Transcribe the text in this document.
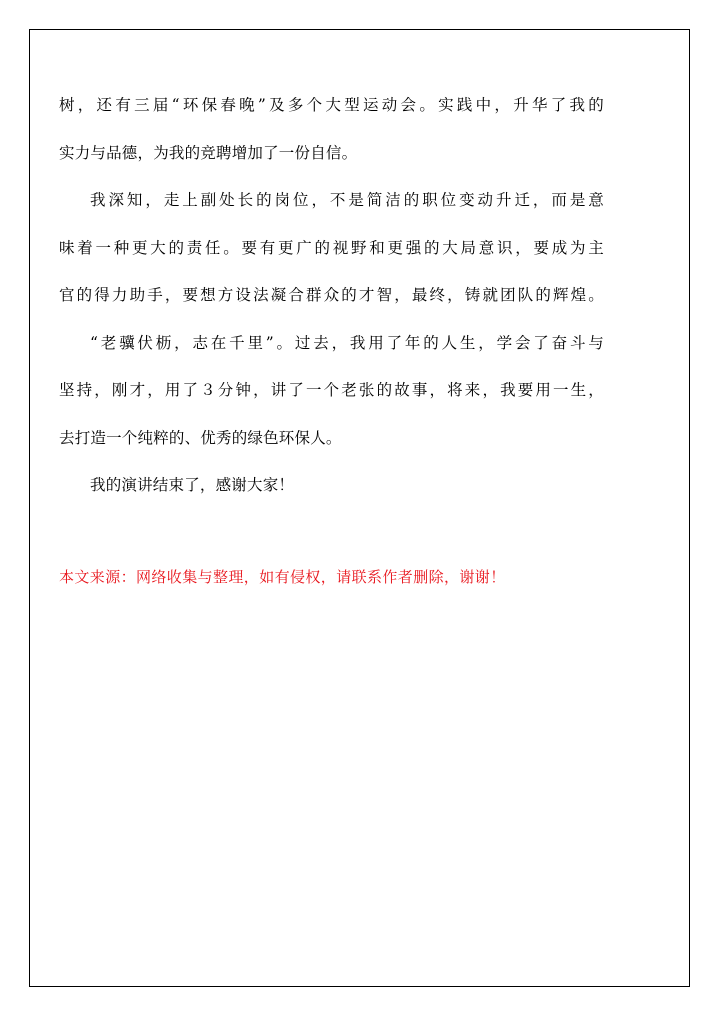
树，还有三届“环保春晚”及多个大型运动会。实践中，升华了我的
实力与品德，为我的竞聘增加了一份自信。
我深知，走上副处长的岗位，不是简洁的职位变动升迁，而是意
味着一种更大的责任。要有更广的视野和更强的大局意识，要成为主
官的得力助手，要想方设法凝合群众的才智，最终，铸就团队的辉煌。
“老骥伏枥，志在千里”。过去，我用了年的人生，学会了奋斗与
坚持，刚才，用了３分钟，讲了一个老张的故事，将来，我要用一生，
去打造一个纯粹的、优秀的绿色环保人。
我的演讲结束了，感谢大家！
本文来源：网络收集与整理，如有侵权，请联系作者删除，谢谢！
